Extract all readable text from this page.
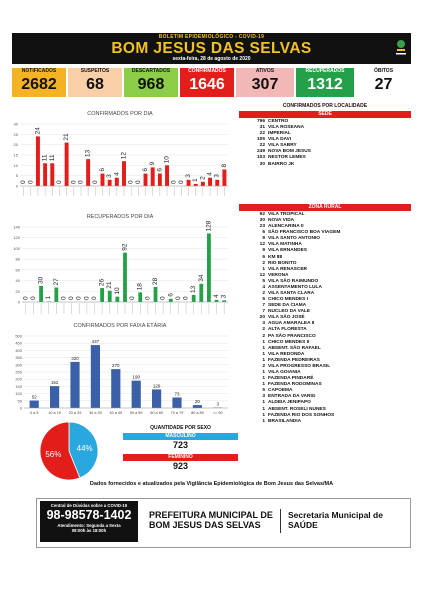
BOLETIM EPIDEMIOLÓGICO - COVID-19
BOM JESUS DAS SELVAS
sexta-feira, 28 de agosto de 2020
NOTIFICADOS
2682
SUSPEITOS
68
DESCARTADOS
968
CONFIRMADOS
1646
ATIVOS
307
RECUPERADOS
1312
ÓBITOS
27
CONFIRMADOS POR DIA
0
5
10
15
20
25
30
0 0
24
11 11
0
21
0 0
13
0
6
3
4
12
0 0
6
9
6
10
0 0
3
1
2
4
3
8
RECUPERADOS POR DIA
0
20
40
60
80
100
120
140
0 0
30
1
27
0 0 0 0 0
26 21
10
92
0
18
0
28
0
6
0 0
13
34
128
4 3
CONFIRMADOS POR FAIXA ETÁRIA
0
50
100
150
200
250
300
350
400
450
500
52
0 a 9
152
10 a 19
320
20 a 29
437
30 a 39
270
40 a 49
190
50 a 59
129
60 a 69
73
70 a 79
20
80 a 89
3
>= 90
44%
56%
QUANTIDADE POR SEXO
MASCULINO
723
FEMININO
923
CONFIRMADOS POR LOCALIDADE
SEDE
796 CENTRO
31 VILA ROSEANA
22 IMPERIAL
105 VILA DAVI
22 VILA SABRY
249 NOVA BOM JESUS
103 NESTOR LEMES
30 BAIRRO JK
ZONA RURAL
92 VILA TROPICAL
30 NOVA VIDA
23 ALENCARINA II
6 SÃO FRANCISCO BOA VIAGEM
9 VILA SANTO ANTONIO
12 VILA MATINHA
9 VILA ERNANDES
6 KM 88
2 RIO BONITO
1 VILA RENASCER
12 VERONA
5 VILA SÃO RAIMUNDO
4 ASSENTAMENTO LULA
2 VILA SANTA CLARA
5 CHICO MENDES I
7 SEDE DA CIAMA
7 NUCLEO DA VALE
20 VILA SÃO JOSÉ
3 AGUA AMARALEA II
2 ALTA FLORESTA
2 PA SÃO FRANCISCO
1 CHICO MENDES II
1 ABSENT. SÃO RAFAEL
1 VILA REDONDA
1 FAZENDA PEDREIRAS
2 VILA PROGRESSO BRASIL
1 VILA GOIANIA
1 FAZENDA PINDARÉ
1 FAZENDA RODOMINAS
5 CAPOEMA
3 ENTRADA DA VARIG
1 ALDEIA JENIPAPO
1 ABSENT. ROSELI NUNES
1 FAZENDA RIO DOS SONHOS
1 BRASILANDIA
Dados fornecidos e atualizados pela Vigilância Epidemiológica de Bom Jesus das Selvas/MA
Central de Dúvidas sobre a COVID-19
98-98578-1402
Atendimento: Segunda a Sexta
08:00h às 18:00h
PREFEITURA MUNICIPAL DE
BOM JESUS DAS SELVAS
Secretaria Municipal de
SAÚDE
